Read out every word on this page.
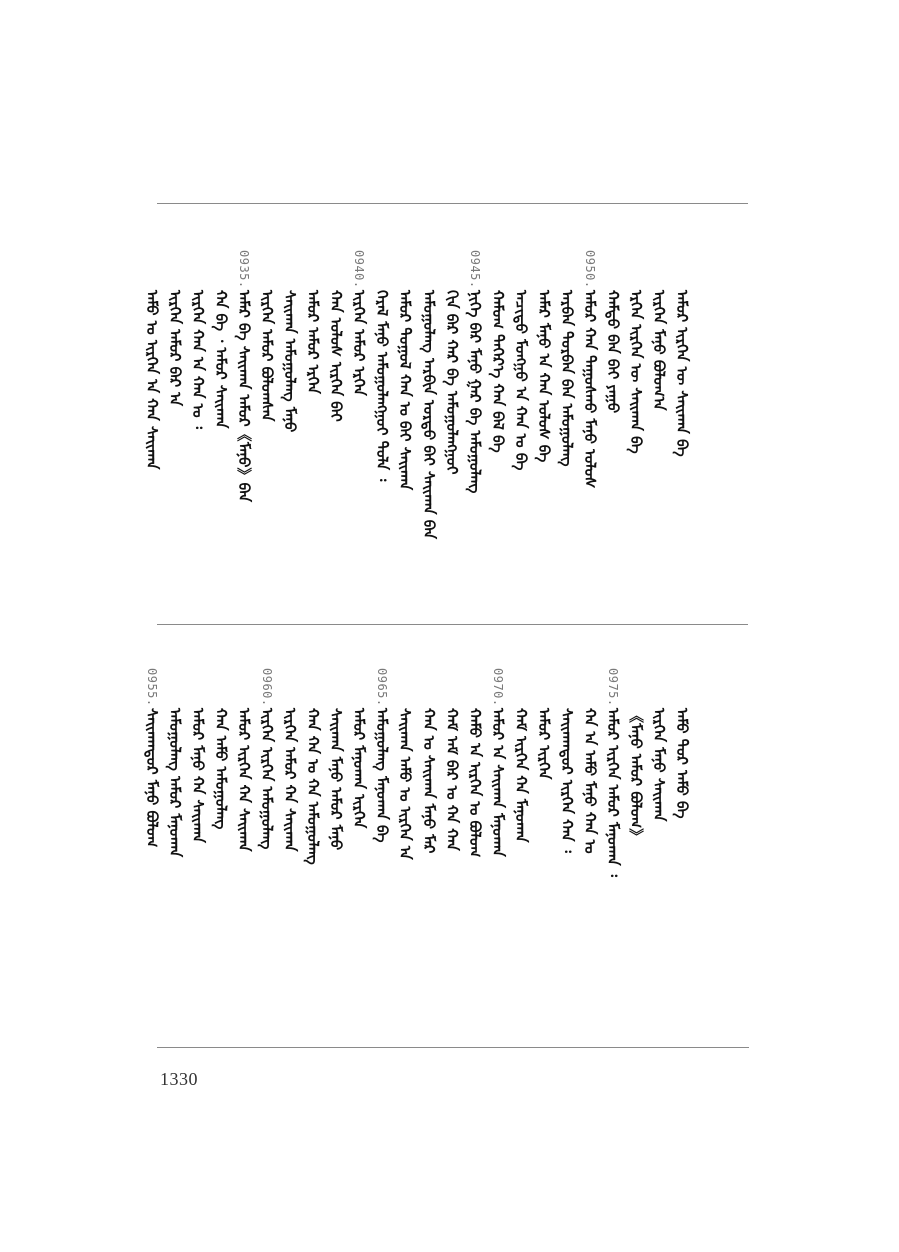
ᠠᠮᠤᠷ ᠢᠷᠭᠡᠨ ᠦ ᠰᠠᠢᠬᠠᠨ ᠪᠠ
ᠢᠷᠭᠡᠨ ᠮᠠᠨᠤ ᠪᠤᠯᠤᠭ᠎ᠠ
ᠡᠷᠬᠡᠨ ᠢᠷᠭᠡᠨ ᠦ ᠰᠠᠢᠬᠠᠨ ᠪᠠ
ᠬᠠᠮᠲᠤ ᠪᠠᠨ ᠪᠠᠢ ᠶᠠᠭᠤ
0950.
ᠠᠮᠤᠷ ᠬᠠᠨ ᠳᠠᠭᠤᠰᠬᠤ ᠮᠠᠨᠤ ᠤᠯᠤᠰ
ᠠᠷᠪᠠᠨ ᠳᠤᠷᠪᠡᠨ ᠪᠠᠨ ᠠᠮᠤᠭᠤᠯᠠᠩ
ᠠᠮᠠᠷ ᠮᠠᠨᠤ ᠡᠨ ᠬᠠᠨ ᠤᠯᠤᠰ ᠪᠠ
ᠠᠴᠢᠲᠤ ᠮᠤᠩᠭᠤ ᠡᠨ ᠬᠠᠨ ᠤ ᠪᠠ
ᠬᠠᠮᠤᠭ ᠳᠡᠭᠡᠷ᠎ᠡ ᠬᠠᠨ ᠪᠠᠯ ᠪᠠ
0945.
ᠨᠢᠭᠡ ᠪᠠᠷ ᠮᠠᠨᠤ ᠭᠠᠷ ᠪᠠ ᠠᠮᠤᠭᠤᠯᠠᠩ
ᠬᠢᠨ ᠪᠠᠷ ᠬᠠᠷ ᠪᠠ ᠠᠮᠤᠭᠤᠯᠠᠩᠭᠤᠢ
ᠠᠮᠤᠭᠤᠯᠠᠩ ᠠᠷᠪᠢᠨ ᠤᠷᠲᠤ ᠪᠠᠢ ᠰᠠᠢᠬᠠᠨ ᠪᠠᠨ
ᠠᠮᠤᠷ ᠳᠤᠭᠤᠯ ᠬᠠᠨ ᠤ ᠪᠠᠢ ᠰᠠᠢᠬᠠᠨ
ᠭᠡᠷᠡᠯ ᠮᠠᠨᠤ ᠠᠮᠤᠭᠤᠯᠠᠩᠭᠤᠢ ᠲᠤᠯᠠ ᠄
0940.
ᠢᠷᠭᠡᠨ ᠠᠮᠤᠷ ᠡᠷᠬᠡᠨ
ᠬᠠᠨ ᠤᠯᠤᠰ ᠢᠷᠭᠡᠨ ᠪᠠᠢ
ᠠᠮᠤᠷ ᠠᠮᠤᠷ ᠡᠷᠬᠡᠨ
ᠰᠠᠢᠬᠠᠨ ᠠᠮᠤᠭᠤᠯᠠᠩ ᠮᠠᠨᠤ
ᠢᠷᠭᠡᠨ ᠠᠮᠤᠷ ᠪᠤᠯᠤᠭᠰᠠᠨ
0935.
ᠠᠮᠠᠷ ᠪᠠ ᠰᠠᠢᠬᠠᠨ ᠠᠮᠤᠷ《ᠮᠠᠨᠤ》ᠪᠠᠨ
ᠬᠠ ᠪᠠ ᠂ ᠠᠮᠤᠷ ᠰᠠᠢᠬᠠᠨ
ᠢᠷᠭᠡᠨ ᠬᠠᠨ ᠡᠨ ᠬᠠᠨ ᠤ ᠄
ᠢᠷᠭᠡᠨ ᠠᠮᠤᠷ ᠪᠠᠷ ᠡᠨ
ᠠᠮᠤ ᠤ ᠢᠷᠭᠡᠨ ᠡᠨ ᠬᠠᠨ ᠰᠠᠢᠬᠠᠨ
ᠠᠮᠤ ᠳᠤᠷ ᠠᠮᠤ ᠪᠠ
ᠢᠷᠭᠡᠨ ᠮᠠᠨᠤ ᠰᠠᠢᠬᠠᠨ
《ᠮᠠᠨᠤ ᠠᠮᠤᠷ ᠪᠤᠯᠤᠭ》
0975.
ᠠᠮᠤᠷ ᠢᠷᠭᠡᠨ ᠠᠮᠤᠷ ᠮᠠᠨᠤᠬᠠᠨ ᠄
ᠬᠠ ᠡᠨ ᠠᠮᠤ ᠮᠠᠨᠤ ᠬᠠᠨ ᠤ
ᠰᠠᠢᠬᠠᠨᠳᠤᠷ ᠢᠷᠭᠡᠨ ᠬᠠᠨ ᠄
ᠠᠮᠤᠷ ᠢᠷᠭᠡᠨ
ᠬᠠᠮ ᠢᠷᠭᠡᠨ ᠬᠠ ᠮᠠᠨᠤᠬᠠᠨ
0970.
ᠠᠮᠤᠷ ᠡᠨ ᠰᠠᠢᠬᠠᠨ ᠮᠠᠨᠤᠬᠠᠨ
ᠬᠠᠮᠤ ᠡᠨ ᠢᠷᠭᠡᠨ ᠤ ᠪᠤᠯᠤᠭ
ᠬᠠᠮ ᠠᠮ ᠪᠠᠷ ᠤ ᠬᠠ ᠬᠠᠨ
ᠬᠠᠨ ᠤ ᠰᠠᠢᠬᠠᠨ ᠮᠠᠨᠤ ᠮᠠᠷ
ᠰᠠᠢᠬᠠᠨ ᠠᠮᠤ ᠤ ᠢᠷᠭᠡᠨ ᠡᠨ
0965.
ᠠᠮᠤᠭᠤᠯᠠᠩ ᠮᠠᠨᠤᠬᠠᠨ ᠪᠠ
ᠠᠮᠤᠷ ᠮᠠᠨᠤᠬᠠᠨ ᠢᠷᠭᠡᠨ
ᠰᠠᠢᠬᠠᠨ ᠮᠠᠨᠤ ᠠᠮᠤᠷ ᠮᠠᠨᠤ
ᠬᠠᠨ ᠬᠠ ᠤ ᠬᠠ ᠠᠮᠤᠭᠤᠯᠠᠩ
ᠢᠷᠭᠡᠨ ᠠᠮᠤᠷ ᠬᠠ ᠰᠠᠢᠬᠠᠨ
0960.
ᠢᠷᠭᠡᠨ ᠢᠷᠭᠡᠨ ᠠᠮᠤᠭᠤᠯᠠᠩ
ᠠᠮᠤᠷ ᠢᠷᠭᠡᠨ ᠬᠠ ᠰᠠᠢᠬᠠᠨ
ᠬᠠᠨ ᠠᠮᠤ ᠠᠮᠤᠭᠤᠯᠠᠩ
ᠠᠮᠤᠷ ᠮᠠᠨᠤ ᠬᠠ ᠰᠠᠢᠬᠠᠨ
ᠠᠮᠤᠭᠤᠯᠠᠩ ᠠᠮᠤᠷ ᠮᠠᠨᠤᠬᠠᠨ
0955.
ᠰᠠᠢᠬᠠᠨᠳᠤᠷ ᠮᠠᠨᠤ ᠪᠤᠯᠤᠭ
1330
